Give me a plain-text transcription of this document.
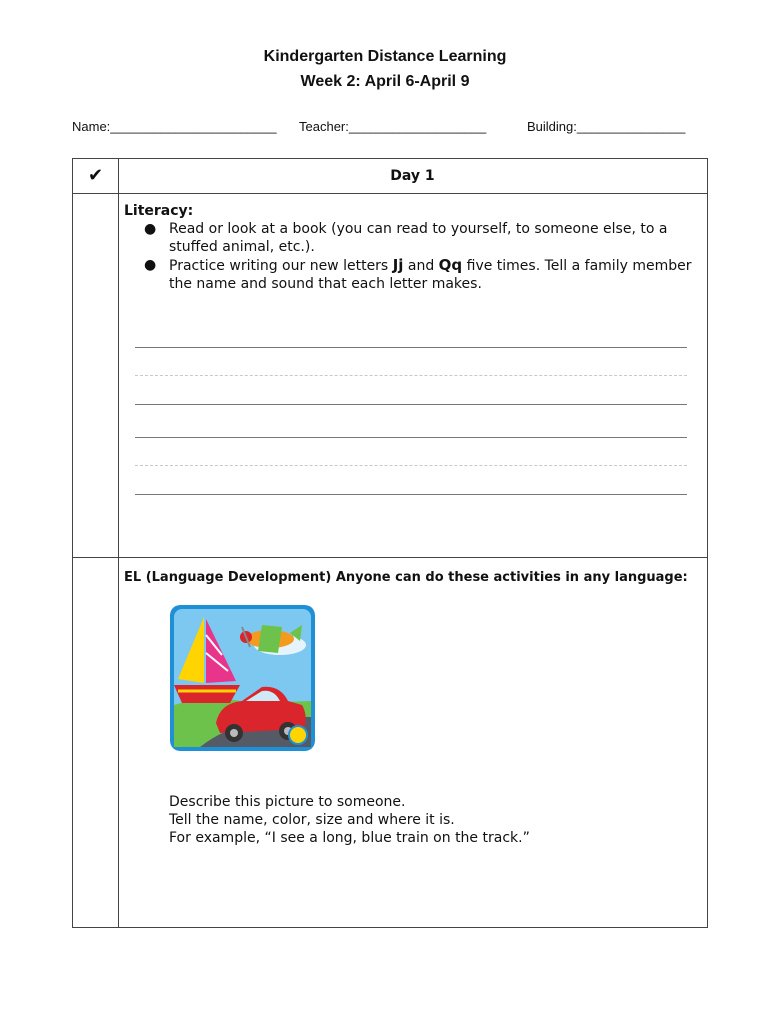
Kindergarten Distance Learning
Week 2: April 6-April 9
Name:_______________________ Teacher:___________________	Building:_______________
✔	Day 1
Literacy:
● Read or look at a book (you can read to yourself, to someone else, to a stuffed animal, etc.).
● Practice writing our new letters Jj and Qq five times. Tell a family member the name and sound that each letter makes.
EL (Language Development) Anyone can do these activities in any language:
Describe this picture to someone.
Tell the name, color, size and where it is.
For example, “I see a long, blue train on the track.”
